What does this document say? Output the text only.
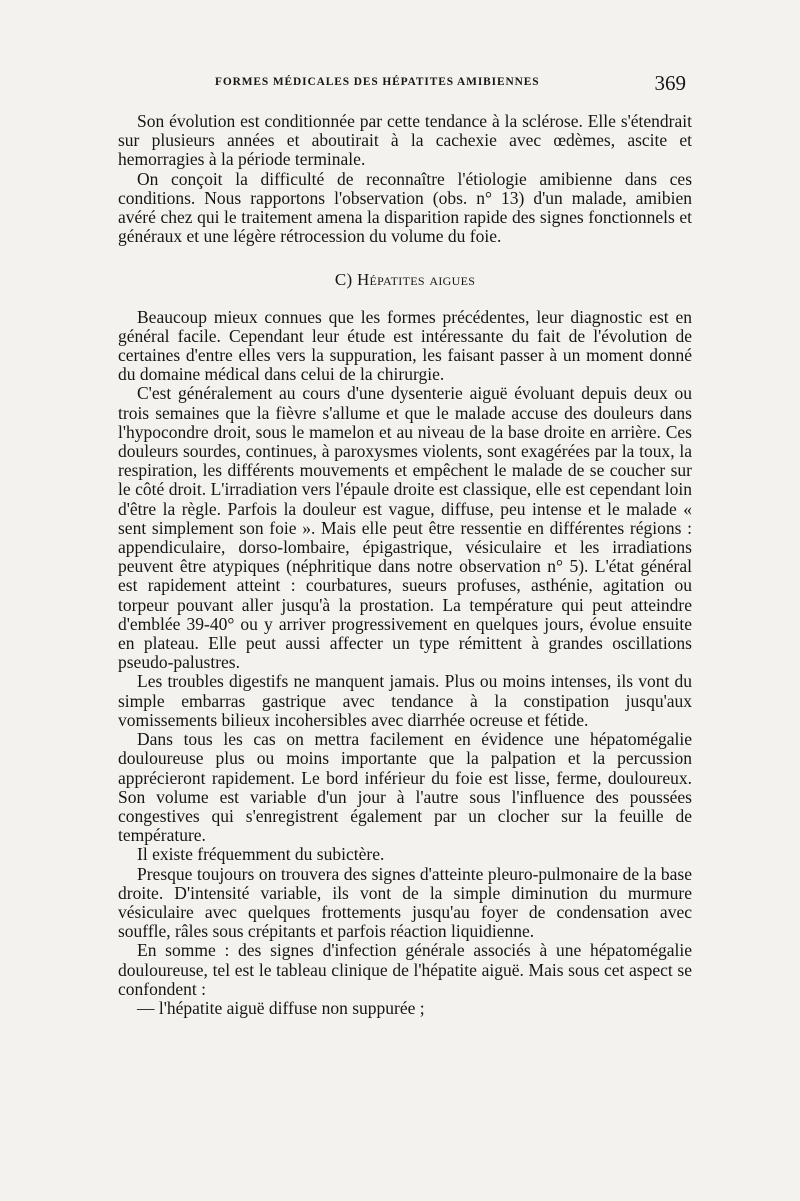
FORMES MÉDICALES DES HÉPATITES AMIBIENNES	369

Son évolution est conditionnée par cette tendance à la sclérose. Elle s'étendrait sur plusieurs années et aboutirait à la cachexie avec œdèmes, ascite et hemorragies à la période terminale.

On conçoit la difficulté de reconnaître l'étiologie amibienne dans ces conditions. Nous rapportons l'observation (obs. n° 13) d'un malade, amibien avéré chez qui le traitement amena la disparition rapide des signes fonctionnels et généraux et une légère rétrocession du volume du foie.

C) Hépatites aigues

Beaucoup mieux connues que les formes précédentes, leur diagnostic est en général facile. Cependant leur étude est intéressante du fait de l'évolution de certaines d'entre elles vers la suppuration, les faisant passer à un moment donné du domaine médical dans celui de la chirurgie.

C'est généralement au cours d'une dysenterie aiguë évoluant depuis deux ou trois semaines que la fièvre s'allume et que le malade accuse des douleurs dans l'hypocondre droit, sous le mamelon et au niveau de la base droite en arrière. Ces douleurs sourdes, continues, à paroxysmes violents, sont exagérées par la toux, la respiration, les différents mouvements et empêchent le malade de se coucher sur le côté droit. L'irradiation vers l'épaule droite est classique, elle est cependant loin d'être la règle. Parfois la douleur est vague, diffuse, peu intense et le malade « sent simplement son foie ». Mais elle peut être ressentie en différentes régions : appendiculaire, dorso-lombaire, épigastrique, vésiculaire et les irradiations peuvent être atypiques (néphritique dans notre observation n° 5). L'état général est rapidement atteint : courbatures, sueurs profuses, asthénie, agitation ou torpeur pouvant aller jusqu'à la prostation. La température qui peut atteindre d'emblée 39-40° ou y arriver progressivement en quelques jours, évolue ensuite en plateau. Elle peut aussi affecter un type rémittent à grandes oscillations pseudo-palustres.

Les troubles digestifs ne manquent jamais. Plus ou moins intenses, ils vont du simple embarras gastrique avec tendance à la constipation jusqu'aux vomissements bilieux incohersibles avec diarrhée ocreuse et fétide.

Dans tous les cas on mettra facilement en évidence une hépatomégalie douloureuse plus ou moins importante que la palpation et la percussion apprécieront rapidement. Le bord inférieur du foie est lisse, ferme, douloureux. Son volume est variable d'un jour à l'autre sous l'influence des poussées congestives qui s'enregistrent également par un clocher sur la feuille de température.

Il existe fréquemment du subictère.

Presque toujours on trouvera des signes d'atteinte pleuro-pulmonaire de la base droite. D'intensité variable, ils vont de la simple diminution du murmure vésiculaire avec quelques frottements jusqu'au foyer de condensation avec souffle, râles sous crépitants et parfois réaction liquidienne.

En somme : des signes d'infection générale associés à une hépatomégalie douloureuse, tel est le tableau clinique de l'hépatite aiguë. Mais sous cet aspect se confondent :

— l'hépatite aiguë diffuse non suppurée ;
